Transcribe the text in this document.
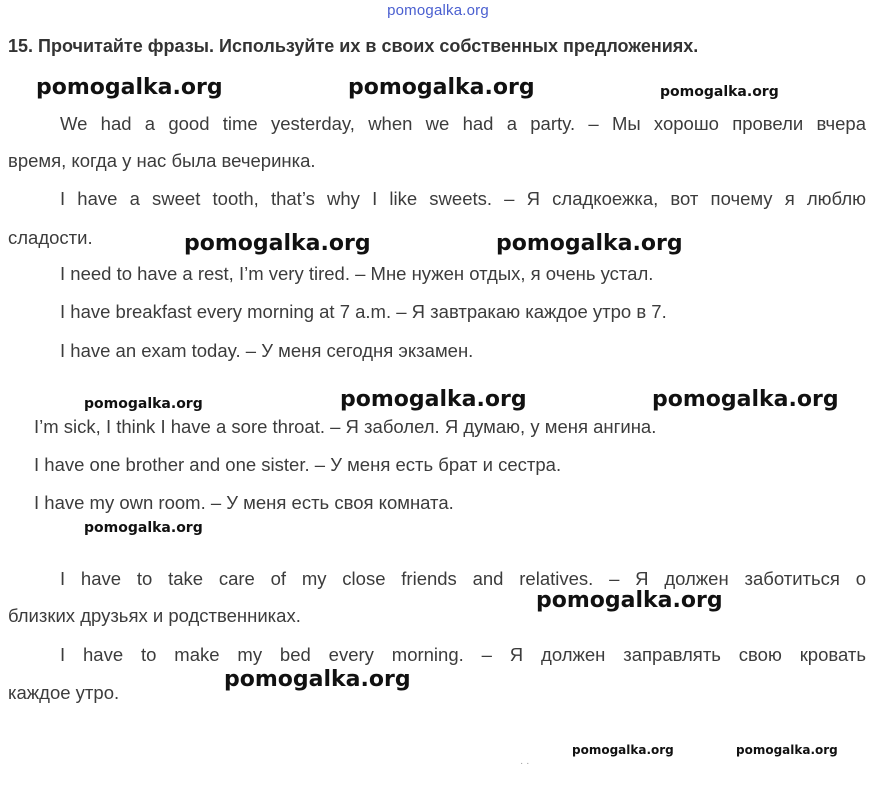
pomogalka.org
15. Прочитайте фразы. Используйте их в своих собственных предложениях.
pomogalka.org	pomogalka.org	pomogalka.org
We had a good time yesterday, when we had a party. – Мы хорошо провели вчера
время, когда у нас была вечеринка.
I have a sweet tooth, that’s why I like sweets. – Я сладкоежка, вот почему я люблю
сладости.	pomogalka.org	pomogalka.org
I need to have a rest, I’m very tired. – Мне нужен отдых, я очень устал.
I have breakfast every morning at 7 a.m. – Я завтракаю каждое утро в 7.
I have an exam today. – У меня сегодня экзамен.
pomogalka.org	pomogalka.org	pomogalka.org
I’m sick, I think I have a sore throat. – Я заболел. Я думаю, у меня ангина.
I have one brother and one sister. – У меня есть брат и сестра.
I have my own room. – У меня есть своя комната.
pomogalka.org
I have to take care of my close friends and relatives. – Я должен заботиться о
близких друзьях и родственниках.
pomogalka.org
I have to make my bed every morning. – Я должен заправлять свою кровать
каждое утро.
pomogalka.org
· ·
pomogalka.org	pomogalka.org
